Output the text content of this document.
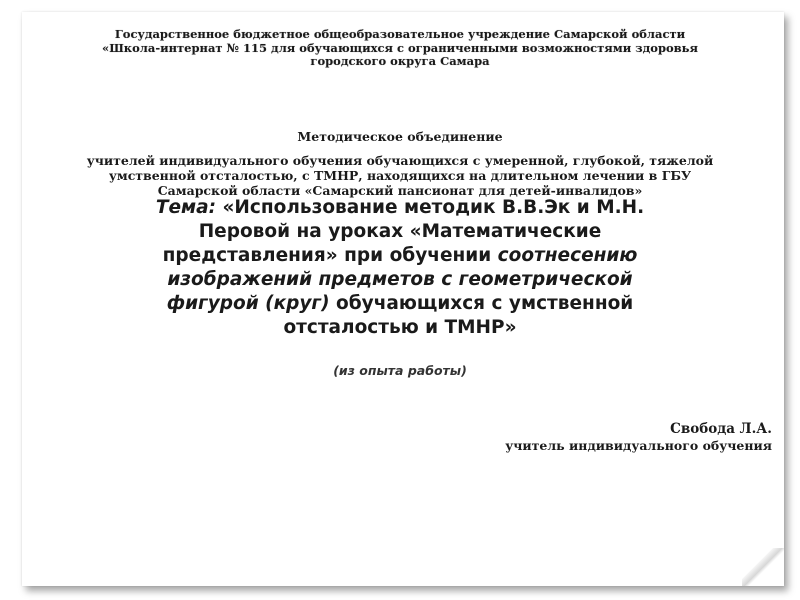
Государственное бюджетное общеобразовательное учреждение Самарской области
«Школа-интернат № 115 для обучающихся с ограниченными возможностями здоровья
городского округа Самара
Методическое объединение
учителей индивидуального обучения обучающихся с умеренной, глубокой, тяжелой
умственной отсталостью, с ТМНР, находящихся на длительном лечении в ГБУ
Самарской области «Самарский пансионат для детей-инвалидов»
Тема: «Использование методик В.В.Эк и М.Н.
Перовой на уроках «Математические
представления» при обучении соотнесению
изображений предметов с геометрической
фигурой (круг) обучающихся с умственной
отсталостью и ТМНР»
(из опыта работы)
Свобода Л.А.
учитель индивидуального обучения
